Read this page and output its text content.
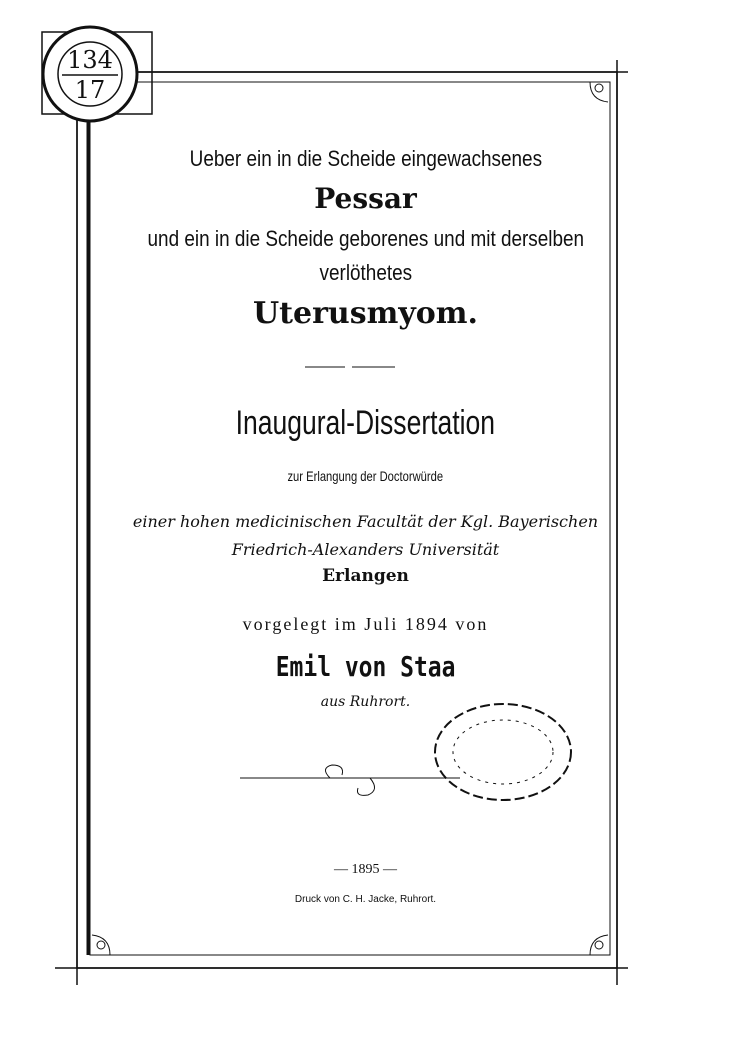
134
17
Ueber ein in die Scheide eingewachsenes
Pessar
und ein in die Scheide geborenes und mit derselben
verlöthetes
Uterusmyom.
Inaugural-Dissertation
zur Erlangung der Doctorwürde
einer hohen medicinischen Facultät der Kgl. Bayerischen
Friedrich-Alexanders Universität
Erlangen
vorgelegt im Juli 1894 von
Emil von Staa
aus Ruhrort.
— 1895 —
Druck von C. H. Jacke, Ruhrort.
